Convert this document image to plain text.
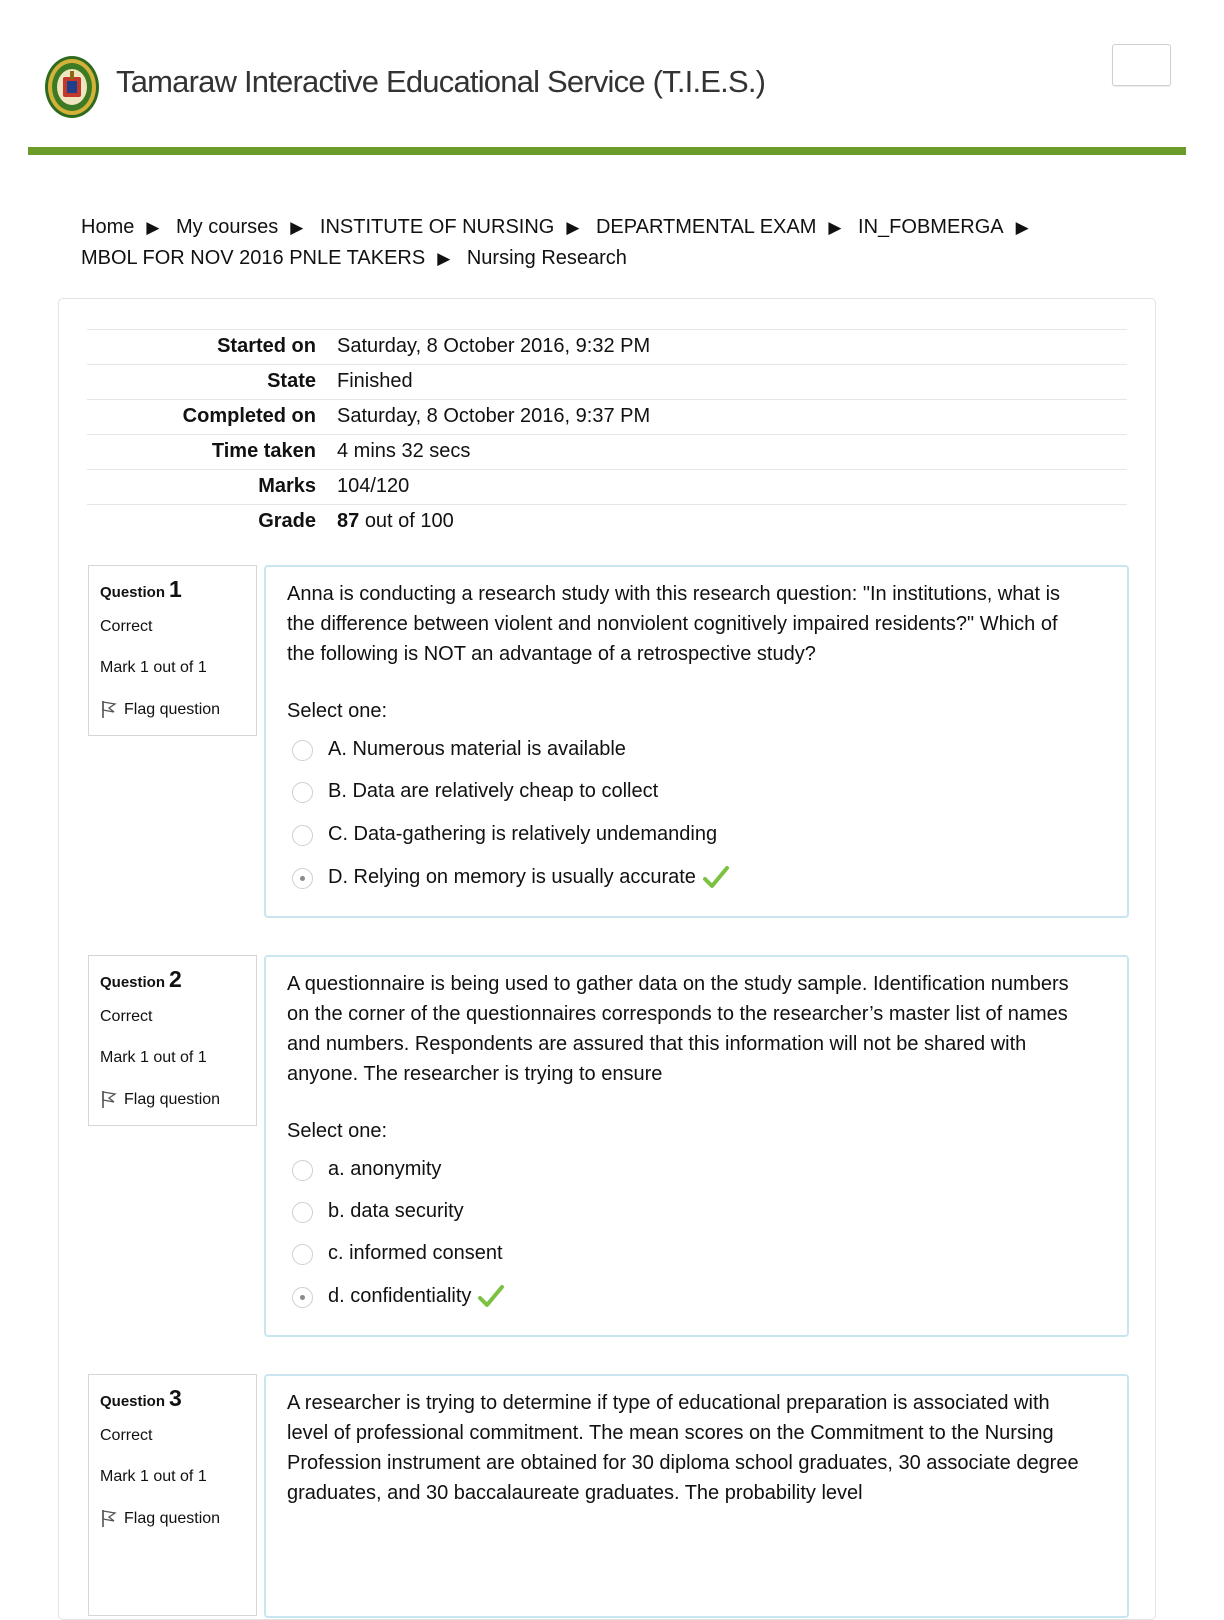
Tamaraw Interactive Educational Service (T.I.E.S.)
Home ▶ My courses ▶ INSTITUTE OF NURSING ▶ DEPARTMENTAL EXAM ▶ IN_FOBMERGA ▶ MBOL FOR NOV 2016 PNLE TAKERS ▶ Nursing Research
Started on Saturday, 8 October 2016, 9:32 PM
State Finished
Completed on Saturday, 8 October 2016, 9:37 PM
Time taken 4 mins 32 secs
Marks 104/120
Grade 87 out of 100
Question 1
Correct
Mark 1 out of 1
Flag question
Anna is conducting a research study with this research question: "In institutions, what is the difference between violent and nonviolent cognitively impaired residents?" Which of the following is NOT an advantage of a retrospective study?
Select one:
A. Numerous material is available
B. Data are relatively cheap to collect
C. Data-gathering is relatively undemanding
D. Relying on memory is usually accurate
Question 2
Correct
Mark 1 out of 1
Flag question
A questionnaire is being used to gather data on the study sample. Identification numbers on the corner of the questionnaires corresponds to the researcher’s master list of names and numbers. Respondents are assured that this information will not be shared with anyone. The researcher is trying to ensure
Select one:
a. anonymity
b. data security
c. informed consent
d. confidentiality
Question 3
Correct
Mark 1 out of 1
Flag question
A researcher is trying to determine if type of educational preparation is associated with level of professional commitment. The mean scores on the Commitment to the Nursing Profession instrument are obtained for 30 diploma school graduates, 30 associate degree graduates, and 30 baccalaureate graduates. The probability level
